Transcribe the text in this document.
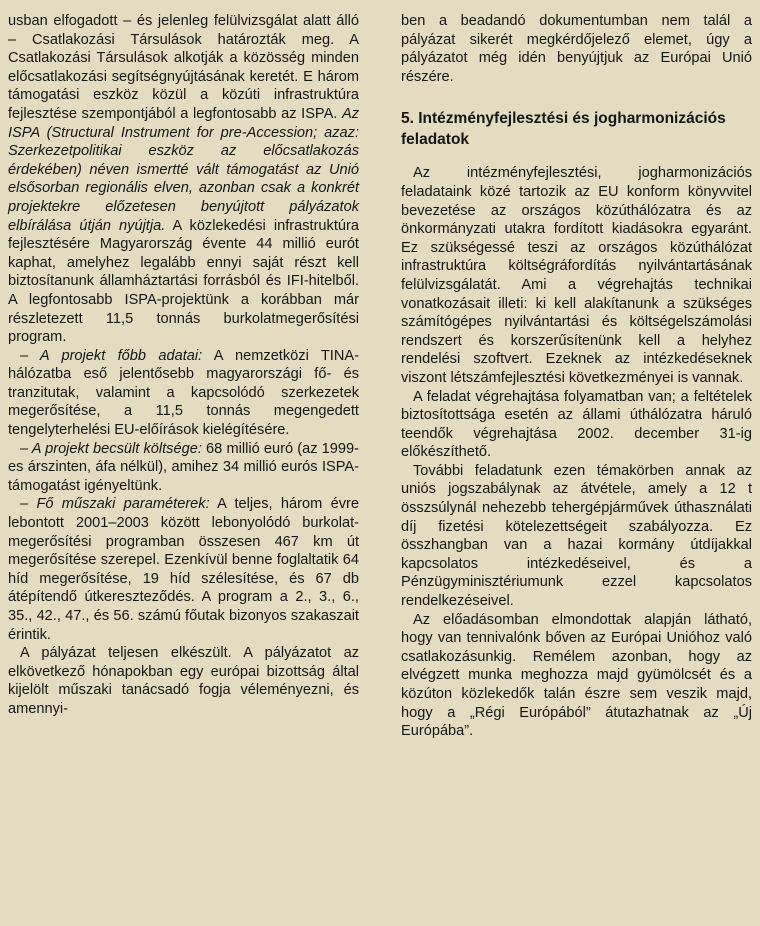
usban elfogadott – és jelenleg felülvizsgálat alatt álló – Csatlakozási Társulások határozták meg. A Csatlakozási Társulások alkotják a közösség minden előcsatlakozási segítségnyújtásának keretét. E három támogatási eszköz közül a közúti infrastruktúra fejlesztése szempontjából a legfontosabb az ISPA. Az ISPA (Structural Instrument for pre-Accession; azaz: Szerkezetpolitikai eszköz az előcsatlakozás érdekében) néven ismertté vált támogatást az Unió elsősorban regionális elven, azonban csak a konkrét projektekre előzetesen benyújtott pályázatok elbírálása útján nyújtja. A közlekedési infrastruktúra fejlesztésére Magyarország évente 44 millió eurót kaphat, amelyhez legalább ennyi saját részt kell biztosítanunk államháztartási forrásból és IFI-hitelből. A legfontosabb ISPA-projektünk a korábban már részletezett 11,5 tonnás burkolatmegerősítési program.

– A projekt főbb adatai: A nemzetközi TINA-hálózatba eső jelentősebb magyarországi fő- és tranzitutak, valamint a kapcsolódó szerkezetek megerősítése, a 11,5 tonnás megengedett tengelyterhelési EU-előírások kielégítésére.

– A projekt becsült költsége: 68 millió euró (az 1999-es árszinten, áfa nélkül), amihez 34 millió eurós ISPA-támogatást igényeltünk.

– Fő műszaki paraméterek: A teljes, három évre lebontott 2001–2003 között lebonyolódó burkolat-megerősítési programban összesen 467 km út megerősítése szerepel. Ezenkívül benne foglaltatik 64 híd megerősítése, 19 híd szélesítése, és 67 db átépítendő útkereszteződés. A program a 2., 3., 6., 35., 42., 47., és 56. számú főutak bizonyos szakaszait érintik.

A pályázat teljesen elkészült. A pályázatot az elkövetkező hónapokban egy európai bizottság által kijelölt műszaki tanácsadó fogja véleményezni, és amennyi-

ben a beadandó dokumentumban nem talál a pályázat sikerét megkérdőjelező elemet, úgy a pályázatot még idén benyújtjuk az Európai Unió részére.

5. Intézményfejlesztési és jogharmonizációs feladatok

Az intézményfejlesztési, jogharmonizációs feladataink közé tartozik az EU konform könyvvitel bevezetése az országos közúthálózatra és az önkormányzati utakra fordított kiadásokra egyaránt. Ez szükségessé teszi az országos közúthálózat infrastruktúra költségráfordítás nyilvántartásának felülvizsgálatát. Ami a végrehajtás technikai vonatkozásait illeti: ki kell alakítanunk a szükséges számítógépes nyilvántartási és költségelszámolási rendszert és korszerűsítenünk kell a helyhez rendelési szoftvert. Ezeknek az intézkedéseknek viszont létszámfejlesztési következményei is vannak.

A feladat végrehajtása folyamatban van; a feltételek biztosítottsága esetén az állami úthálózatra háruló teendők végrehajtása 2002. december 31-ig előkészíthető.

További feladatunk ezen témakörben annak az uniós jogszabálynak az átvétele, amely a 12 t összsúlynál nehezebb tehergépjárművek úthasználati díj fizetési kötelezettségeit szabályozza. Ez összhangban van a hazai kormány útdíjakkal kapcsolatos intézkedéseivel, és a Pénzügyminisztériumunk ezzel kapcsolatos rendelkezéseivel.

Az előadásomban elmondottak alapján látható, hogy van tennivalónk bőven az Európai Unióhoz való csatlakozásunkig. Remélem azonban, hogy az elvégzett munka meghozza majd gyümölcsét és a közúton közlekedők talán észre sem veszik majd, hogy a „Régi Európából” átutazhatnak az „Új Európába”.
